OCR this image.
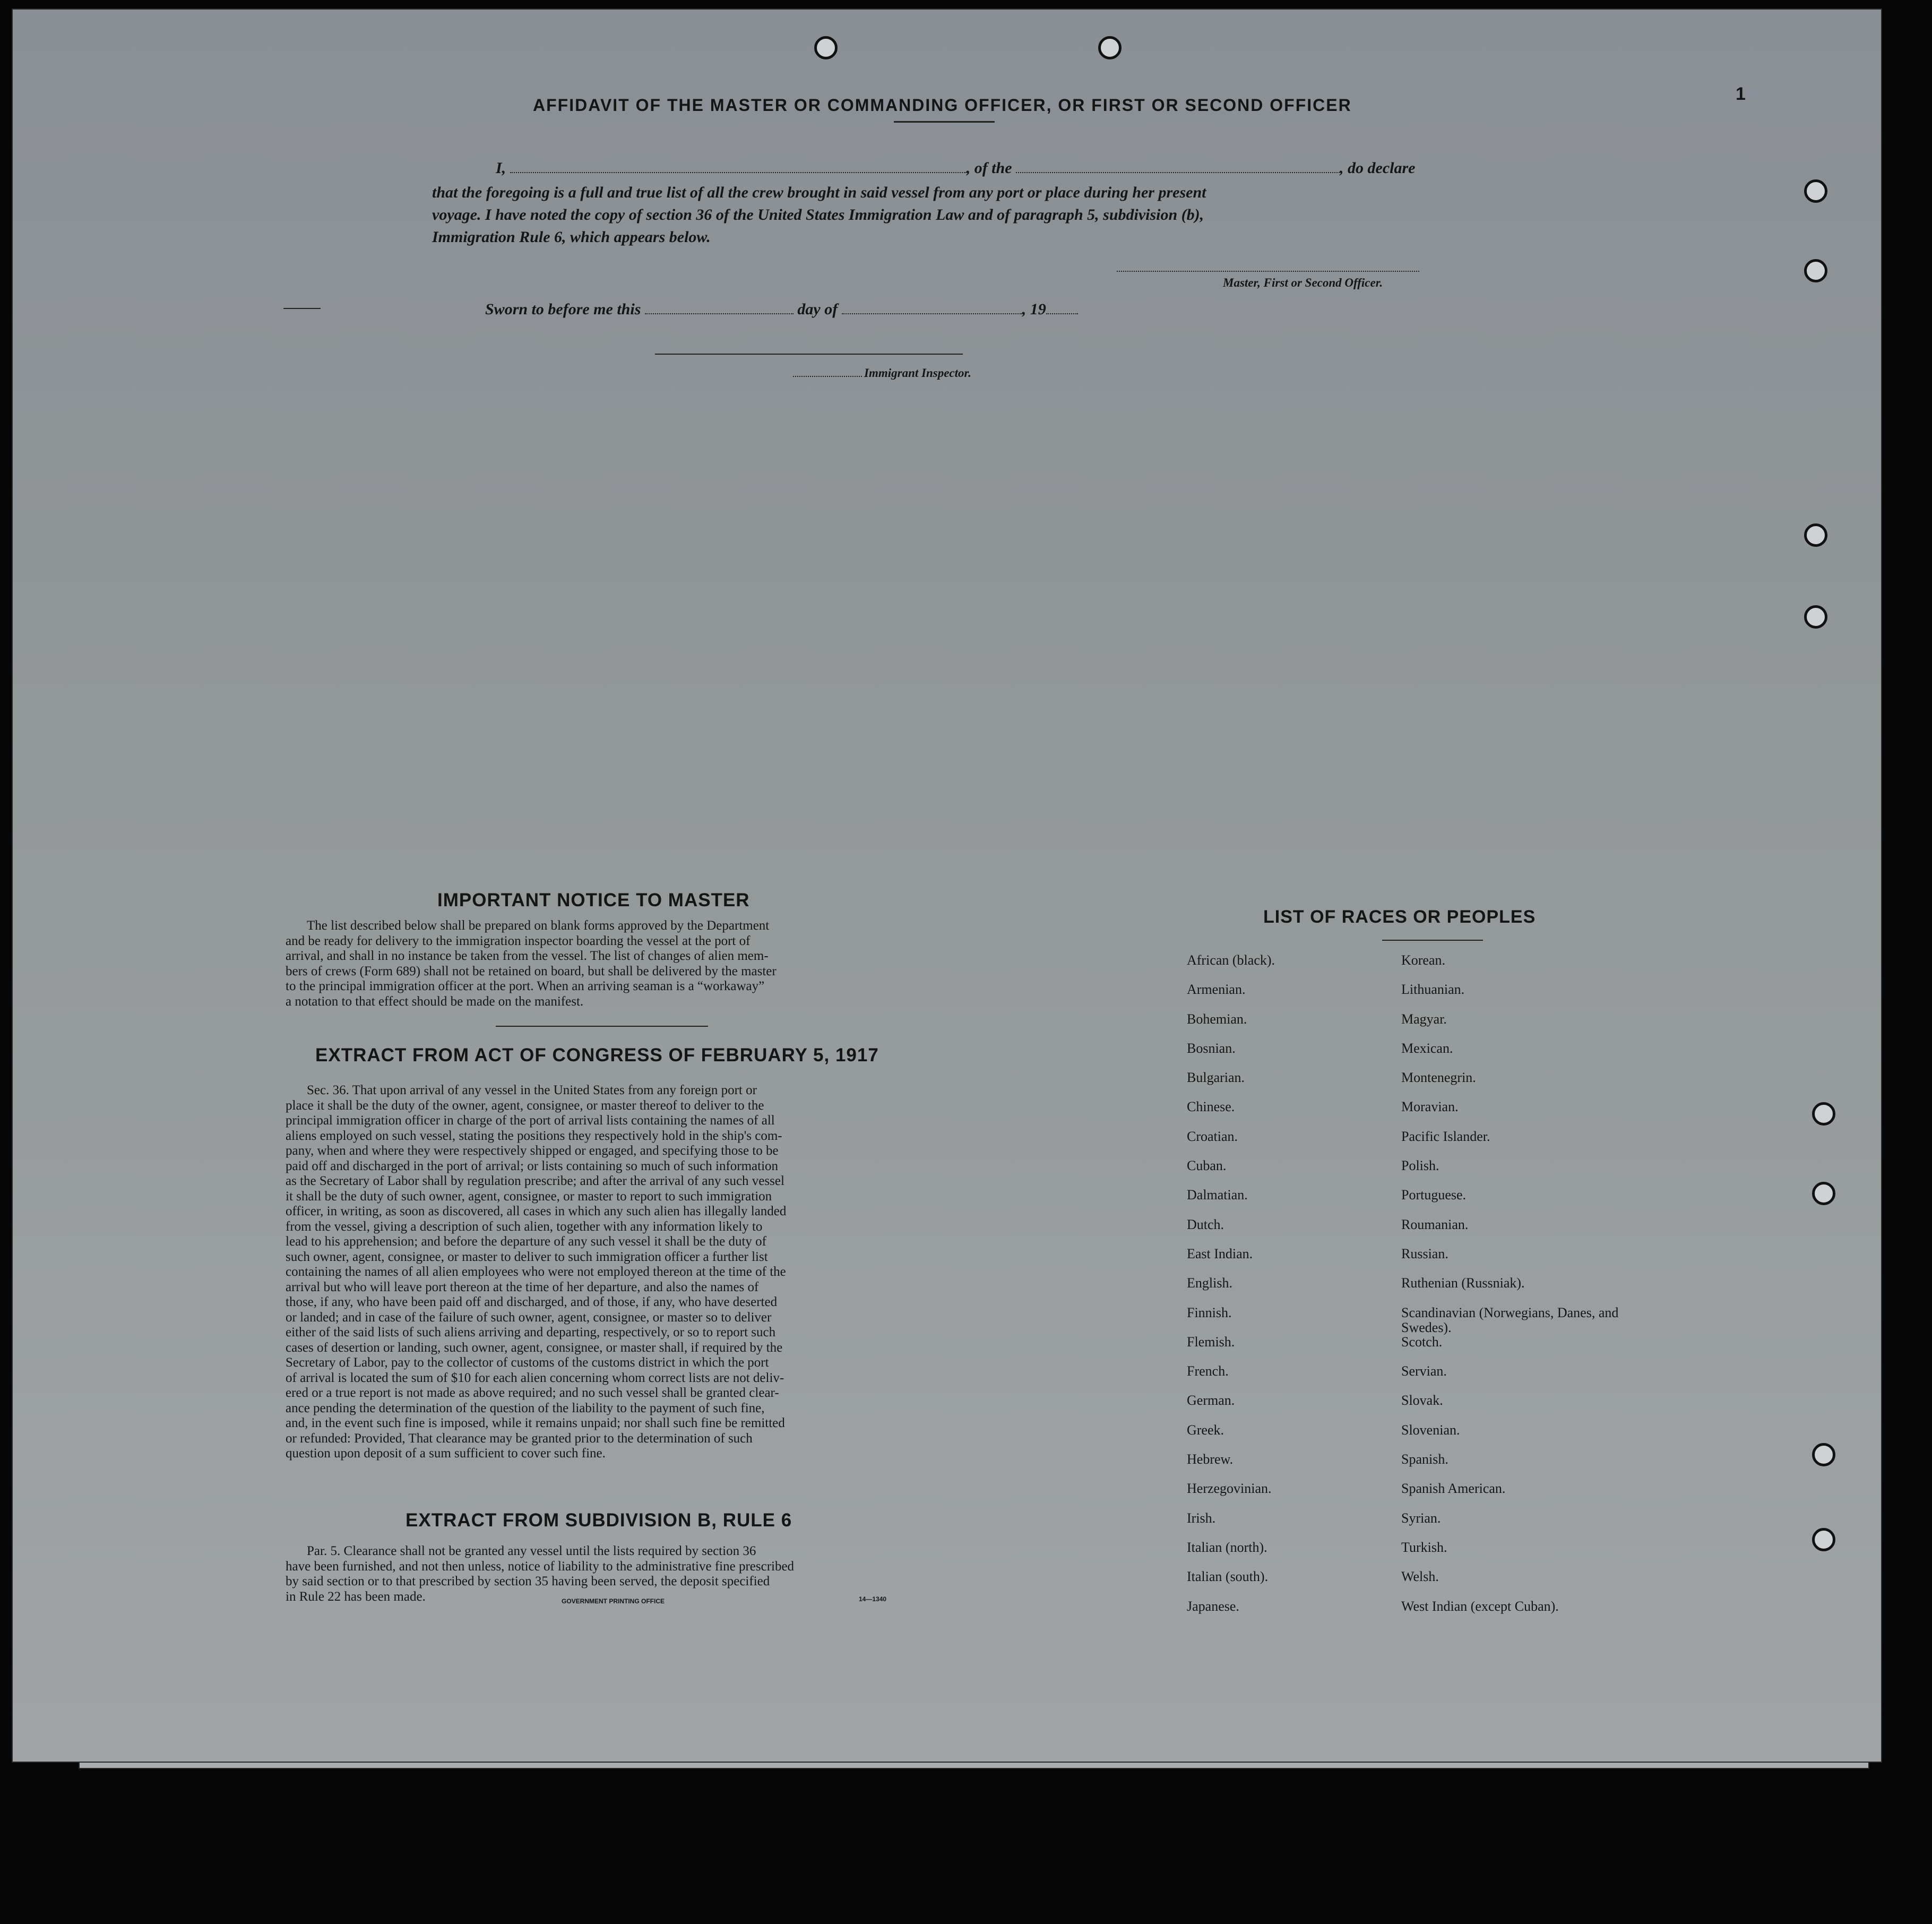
1
AFFIDAVIT OF THE MASTER OR COMMANDING OFFICER, OR FIRST OR SECOND OFFICER
I,	, of the	, do declare
that the foregoing is a full and true list of all the crew brought in said vessel from any port or place during her present
voyage. I have noted the copy of section 36 of the United States Immigration Law and of paragraph 5, subdivision (b),
Immigration Rule 6, which appears below.
Master, First or Second Officer.
Sworn to before me this	day of	, 19
Immigrant Inspector.
IMPORTANT NOTICE TO MASTER
The list described below shall be prepared on blank forms approved by the Department
and be ready for delivery to the immigration inspector boarding the vessel at the port of
arrival, and shall in no instance be taken from the vessel. The list of changes of alien mem-
bers of crews (Form 689) shall not be retained on board, but shall be delivered by the master
to the principal immigration officer at the port. When an arriving seaman is a “workaway”
a notation to that effect should be made on the manifest.
EXTRACT FROM ACT OF CONGRESS OF FEBRUARY 5, 1917
Sec. 36. That upon arrival of any vessel in the United States from any foreign port or
place it shall be the duty of the owner, agent, consignee, or master thereof to deliver to the
principal immigration officer in charge of the port of arrival lists containing the names of all
aliens employed on such vessel, stating the positions they respectively hold in the ship's com-
pany, when and where they were respectively shipped or engaged, and specifying those to be
paid off and discharged in the port of arrival; or lists containing so much of such information
as the Secretary of Labor shall by regulation prescribe; and after the arrival of any such vessel
it shall be the duty of such owner, agent, consignee, or master to report to such immigration
officer, in writing, as soon as discovered, all cases in which any such alien has illegally landed
from the vessel, giving a description of such alien, together with any information likely to
lead to his apprehension; and before the departure of any such vessel it shall be the duty of
such owner, agent, consignee, or master to deliver to such immigration officer a further list
containing the names of all alien employees who were not employed thereon at the time of the
arrival but who will leave port thereon at the time of her departure, and also the names of
those, if any, who have been paid off and discharged, and of those, if any, who have deserted
or landed; and in case of the failure of such owner, agent, consignee, or master so to deliver
either of the said lists of such aliens arriving and departing, respectively, or so to report such
cases of desertion or landing, such owner, agent, consignee, or master shall, if required by the
Secretary of Labor, pay to the collector of customs of the customs district in which the port
of arrival is located the sum of $10 for each alien concerning whom correct lists are not deliv-
ered or a true report is not made as above required; and no such vessel shall be granted clear-
ance pending the determination of the question of the liability to the payment of such fine,
and, in the event such fine is imposed, while it remains unpaid; nor shall such fine be remitted
or refunded: Provided, That clearance may be granted prior to the determination of such
question upon deposit of a sum sufficient to cover such fine.
EXTRACT FROM SUBDIVISION B, RULE 6
Par. 5. Clearance shall not be granted any vessel until the lists required by section 36
have been furnished, and not then unless, notice of liability to the administrative fine prescribed
by said section or to that prescribed by section 35 having been served, the deposit specified
in Rule 22 has been made.	GOVERNMENT PRINTING OFFICE	14—1340
LIST OF RACES OR PEOPLES
African (black).	Korean.
Armenian.	Lithuanian.
Bohemian.	Magyar.
Bosnian.	Mexican.
Bulgarian.	Montenegrin.
Chinese.	Moravian.
Croatian.	Pacific Islander.
Cuban.	Polish.
Dalmatian.	Portuguese.
Dutch.	Roumanian.
East Indian.	Russian.
English.	Ruthenian (Russniak).
Finnish.	Scandinavian (Norwegians, Danes, and Swedes).
Flemish.	Scotch.
French.	Servian.
German.	Slovak.
Greek.	Slovenian.
Hebrew.	Spanish.
Herzegovinian.	Spanish American.
Irish.	Syrian.
Italian (north).	Turkish.
Italian (south).	Welsh.
Japanese.	West Indian (except Cuban).
